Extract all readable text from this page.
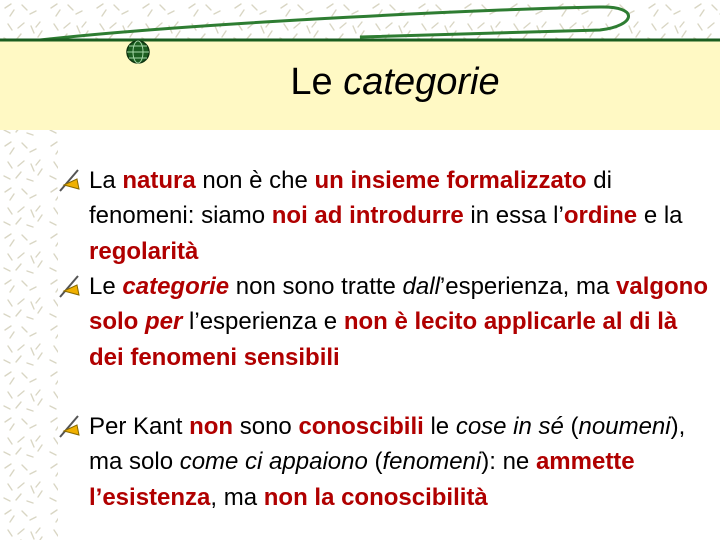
Le categorie
La natura non è che un insieme formalizzato di fenomeni: siamo noi ad introdurre in essa l’ordine e la regolarità
Le categorie non sono tratte dall’esperienza, ma valgono solo per l’esperienza e non è lecito applicarle al di là dei fenomeni sensibili
Per Kant non sono conoscibili le cose in sé (noumeni), ma solo come ci appaiono (fenomeni): ne ammette l’esistenza, ma non la conoscibilità
